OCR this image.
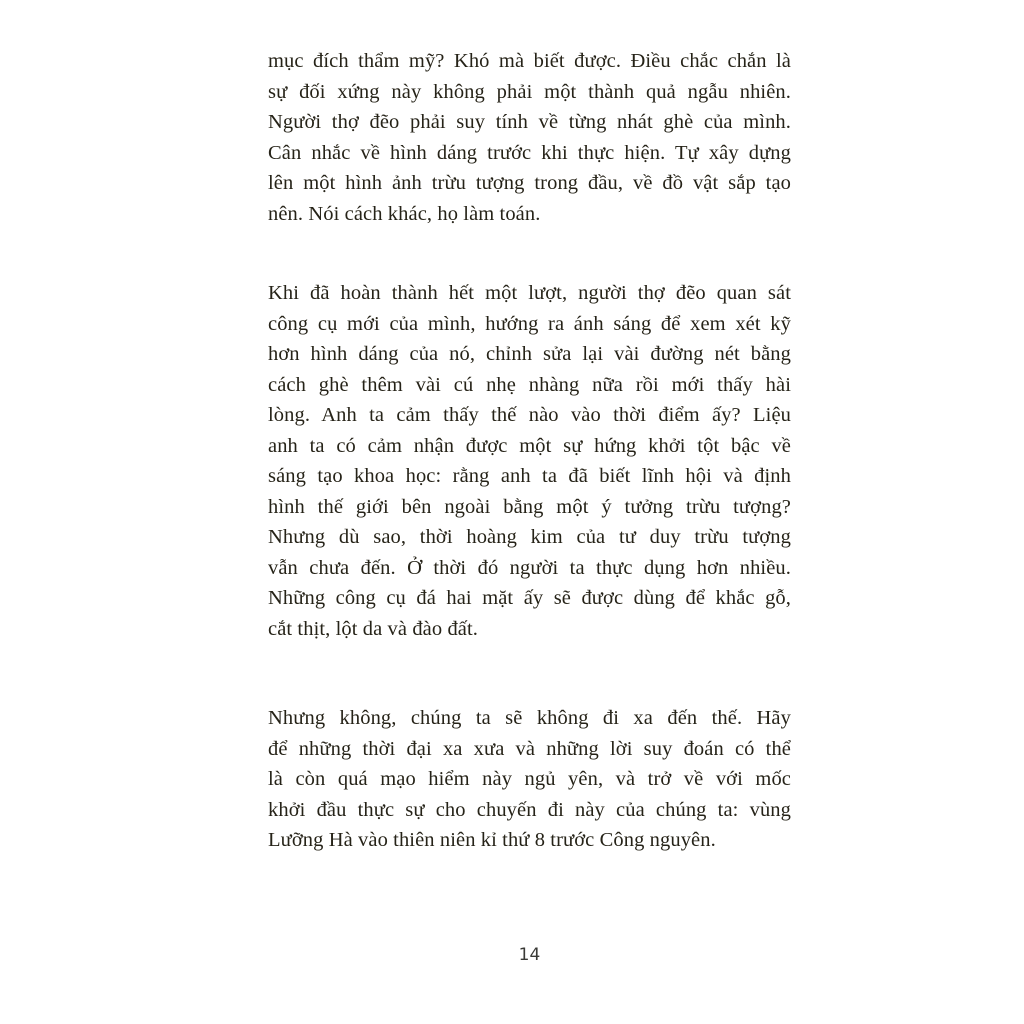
mục đích thẩm mỹ? Khó mà biết được. Điều chắc chắn là
sự đối xứng này không phải một thành quả ngẫu nhiên.
Người thợ đẽo phải suy tính về từng nhát ghè của mình.
Cân nhắc về hình dáng trước khi thực hiện. Tự xây dựng
lên một hình ảnh trừu tượng trong đầu, về đồ vật sắp tạo
nên. Nói cách khác, họ làm toán.

Khi đã hoàn thành hết một lượt, người thợ đẽo quan sát
công cụ mới của mình, hướng ra ánh sáng để xem xét kỹ
hơn hình dáng của nó, chỉnh sửa lại vài đường nét bằng
cách ghè thêm vài cú nhẹ nhàng nữa rồi mới thấy hài
lòng. Anh ta cảm thấy thế nào vào thời điểm ấy? Liệu
anh ta có cảm nhận được một sự hứng khởi tột bậc về
sáng tạo khoa học: rằng anh ta đã biết lĩnh hội và định
hình thế giới bên ngoài bằng một ý tưởng trừu tượng?
Nhưng dù sao, thời hoàng kim của tư duy trừu tượng
vẫn chưa đến. Ở thời đó người ta thực dụng hơn nhiều.
Những công cụ đá hai mặt ấy sẽ được dùng để khắc gỗ,
cắt thịt, lột da và đào đất.

Nhưng không, chúng ta sẽ không đi xa đến thế. Hãy
để những thời đại xa xưa và những lời suy đoán có thể
là còn quá mạo hiểm này ngủ yên, và trở về với mốc
khởi đầu thực sự cho chuyến đi này của chúng ta: vùng
Lưỡng Hà vào thiên niên kỉ thứ 8 trước Công nguyên.

14
